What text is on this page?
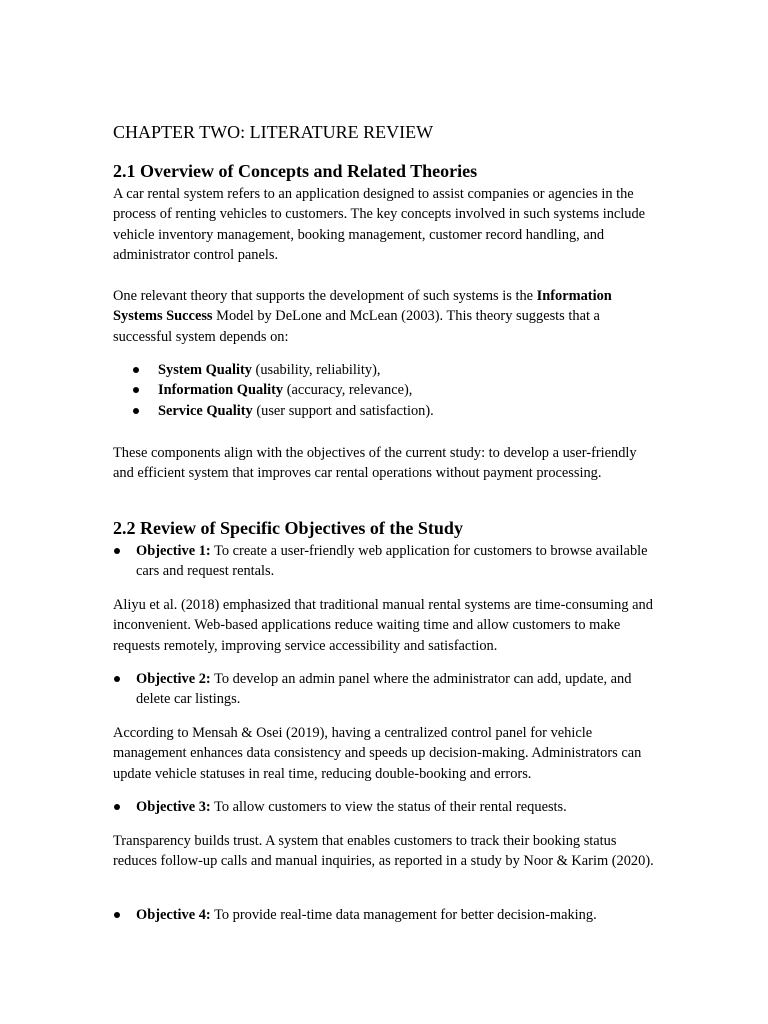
CHAPTER TWO: LITERATURE REVIEW
2.1 Overview of Concepts and Related Theories

A car rental system refers to an application designed to assist companies or agencies in the process of renting vehicles to customers. The key concepts involved in such systems include vehicle inventory management, booking management, customer record handling, and administrator control panels.

One relevant theory that supports the development of such systems is the Information Systems Success Model by DeLone and McLean (2003). This theory suggests that a successful system depends on:

System Quality (usability, reliability),
Information Quality (accuracy, relevance),
Service Quality (user support and satisfaction).

These components align with the objectives of the current study: to develop a user-friendly and efficient system that improves car rental operations without payment processing.

2.2 Review of Specific Objectives of the Study
Objective 1: To create a user-friendly web application for customers to browse available cars and request rentals.

Aliyu et al. (2018) emphasized that traditional manual rental systems are time-consuming and inconvenient. Web-based applications reduce waiting time and allow customers to make requests remotely, improving service accessibility and satisfaction.

Objective 2: To develop an admin panel where the administrator can add, update, and delete car listings.

According to Mensah & Osei (2019), having a centralized control panel for vehicle management enhances data consistency and speeds up decision-making. Administrators can update vehicle statuses in real time, reducing double-booking and errors.

Objective 3: To allow customers to view the status of their rental requests.

Transparency builds trust. A system that enables customers to track their booking status reduces follow-up calls and manual inquiries, as reported in a study by Noor & Karim (2020).

Objective 4: To provide real-time data management for better decision-making.
